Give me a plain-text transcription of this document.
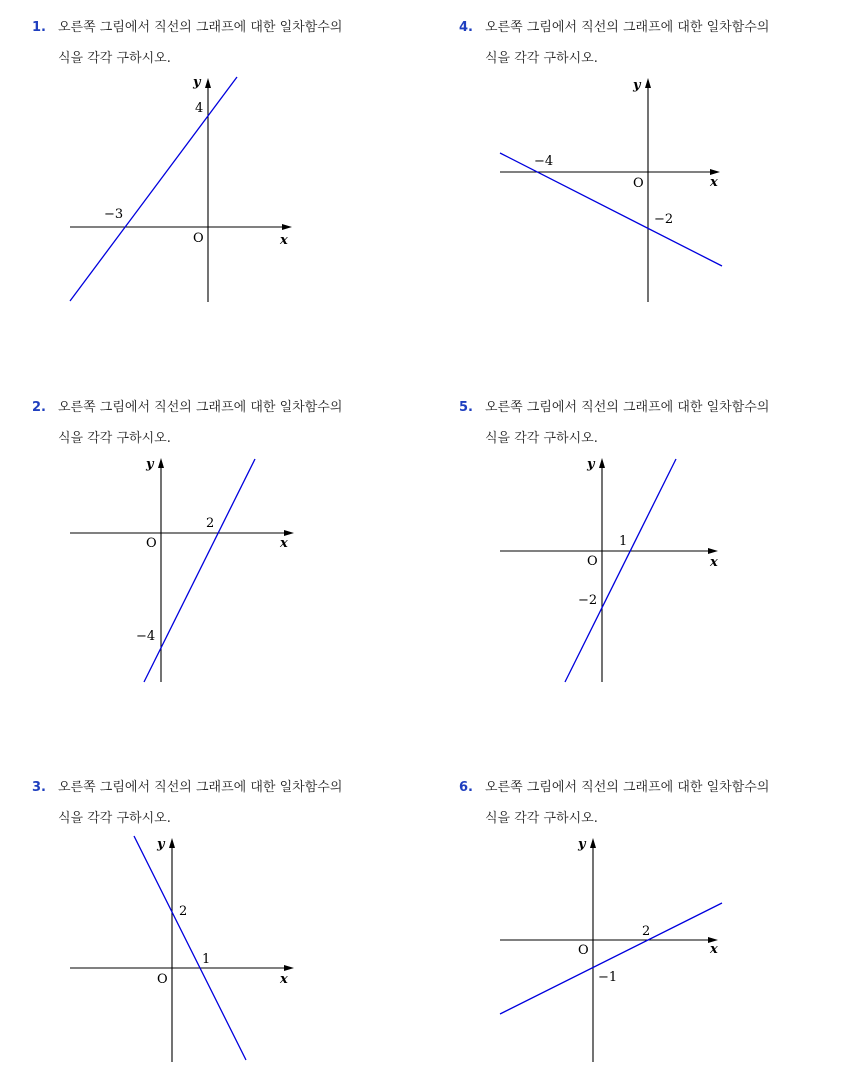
1. 오른쪽 그림에서 직선의 그래프에 대한 일차함수의
식을 각각 구하시오.
x
y
O
−3
4
4. 오른쪽 그림에서 직선의 그래프에 대한 일차함수의
식을 각각 구하시오.
x
y
O
−4
−2
2. 오른쪽 그림에서 직선의 그래프에 대한 일차함수의
식을 각각 구하시오.
x
y
O
2
−4
5. 오른쪽 그림에서 직선의 그래프에 대한 일차함수의
식을 각각 구하시오.
x
y
O
1
−2
3. 오른쪽 그림에서 직선의 그래프에 대한 일차함수의
식을 각각 구하시오.
x
y
O
1
2
6. 오른쪽 그림에서 직선의 그래프에 대한 일차함수의
식을 각각 구하시오.
x
y
O
2
−1
